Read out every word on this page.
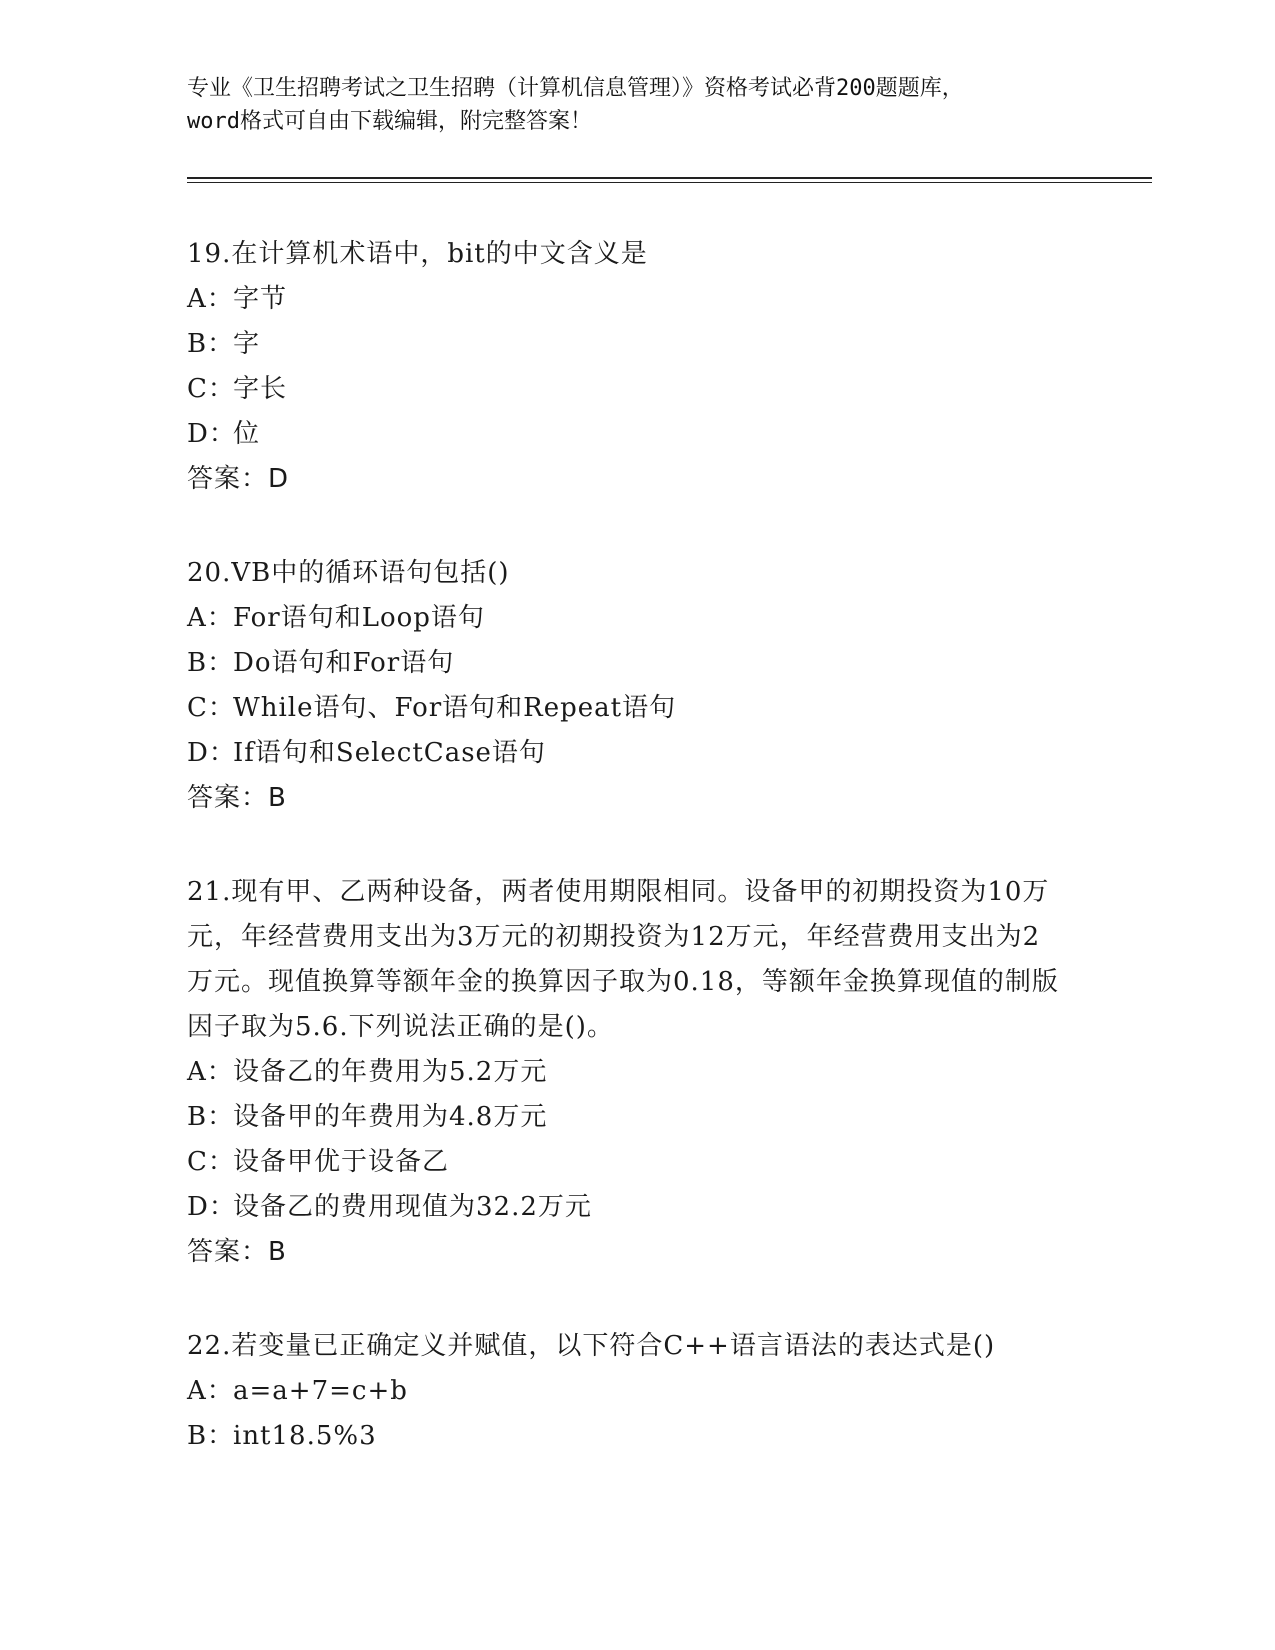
专业《卫生招聘考试之卫生招聘（计算机信息管理）》资格考试必背200题题库，
word格式可自由下载编辑，附完整答案！
19.在计算机术语中，bit的中文含义是
A：字节
B：字
C：字长
D：位
答案：D
20.VB中的循环语句包括()
A：For语句和Loop语句
B：Do语句和For语句
C：While语句、For语句和Repeat语句
D：If语句和SelectCase语句
答案：B
21.现有甲、乙两种设备，两者使用期限相同。设备甲的初期投资为10万元，年经营费用支出为3万元的初期投资为12万元，年经营费用支出为2万元。现值换算等额年金的换算因子取为0.18，等额年金换算现值的制版因子取为5.6.下列说法正确的是()。
A：设备乙的年费用为5.2万元
B：设备甲的年费用为4.8万元
C：设备甲优于设备乙
D：设备乙的费用现值为32.2万元
答案：B
22.若变量已正确定义并赋值，以下符合C++语言语法的表达式是()
A：a=a+7=c+b
B：int18.5%3
